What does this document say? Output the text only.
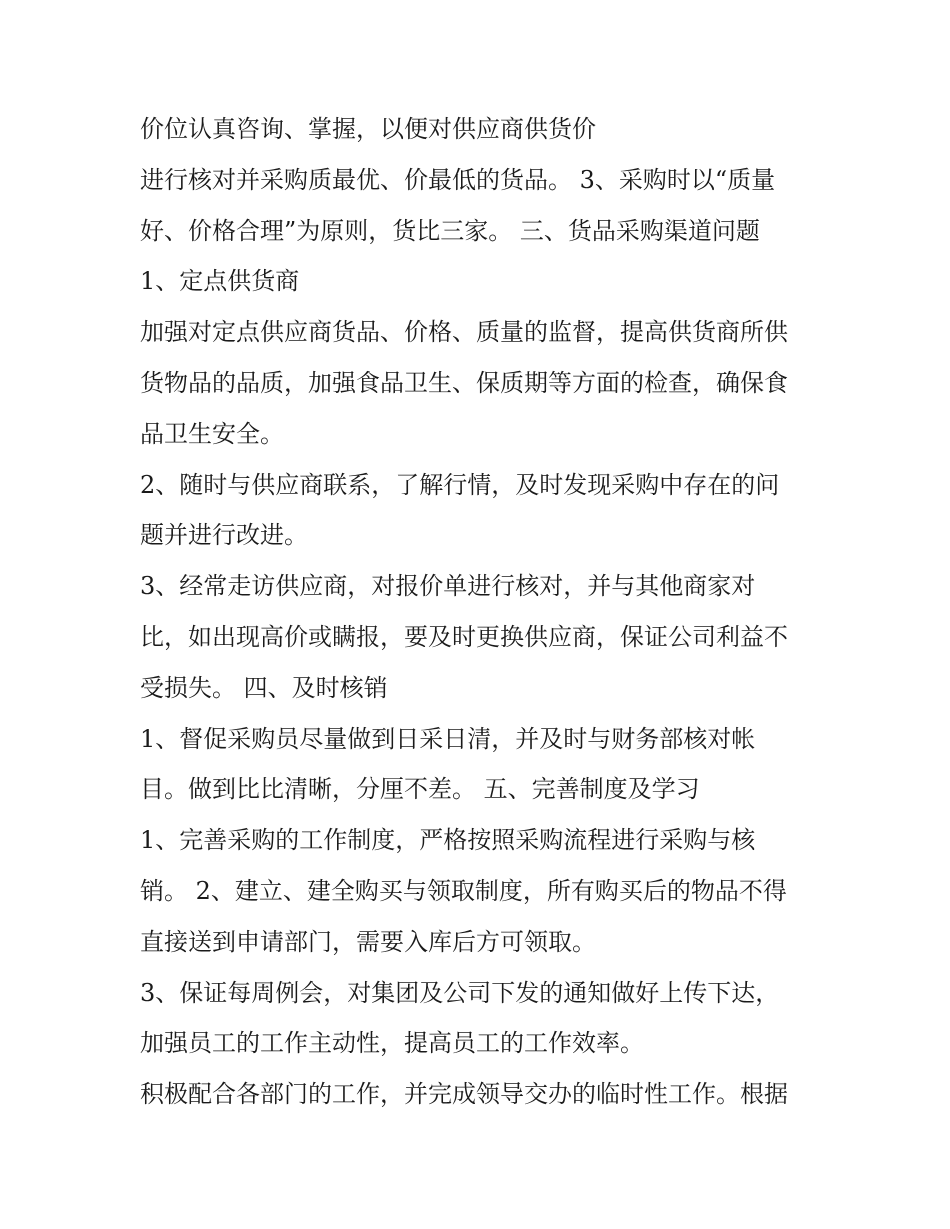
价位认真咨询、掌握，以便对供应商供货价
进行核对并采购质最优、价最低的货品。 3、采购时以“质量
好、价格合理”为原则，货比三家。 三、货品采购渠道问题
1、定点供货商
加强对定点供应商货品、价格、质量的监督，提高供货商所供
货物品的品质，加强食品卫生、保质期等方面的检查，确保食
品卫生安全。
2、随时与供应商联系，了解行情，及时发现采购中存在的问
题并进行改进。
3、经常走访供应商，对报价单进行核对，并与其他商家对
比，如出现高价或瞒报，要及时更换供应商，保证公司利益不
受损失。 四、及时核销
1、督促采购员尽量做到日采日清，并及时与财务部核对帐
目。做到比比清晰，分厘不差。 五、完善制度及学习
1、完善采购的工作制度，严格按照采购流程进行采购与核
销。 2、建立、建全购买与领取制度，所有购买后的物品不得
直接送到申请部门，需要入库后方可领取。
3、保证每周例会，对集团及公司下发的通知做好上传下达，
加强员工的工作主动性，提高员工的工作效率。
积极配合各部门的工作，并完成领导交办的临时性工作。根据
